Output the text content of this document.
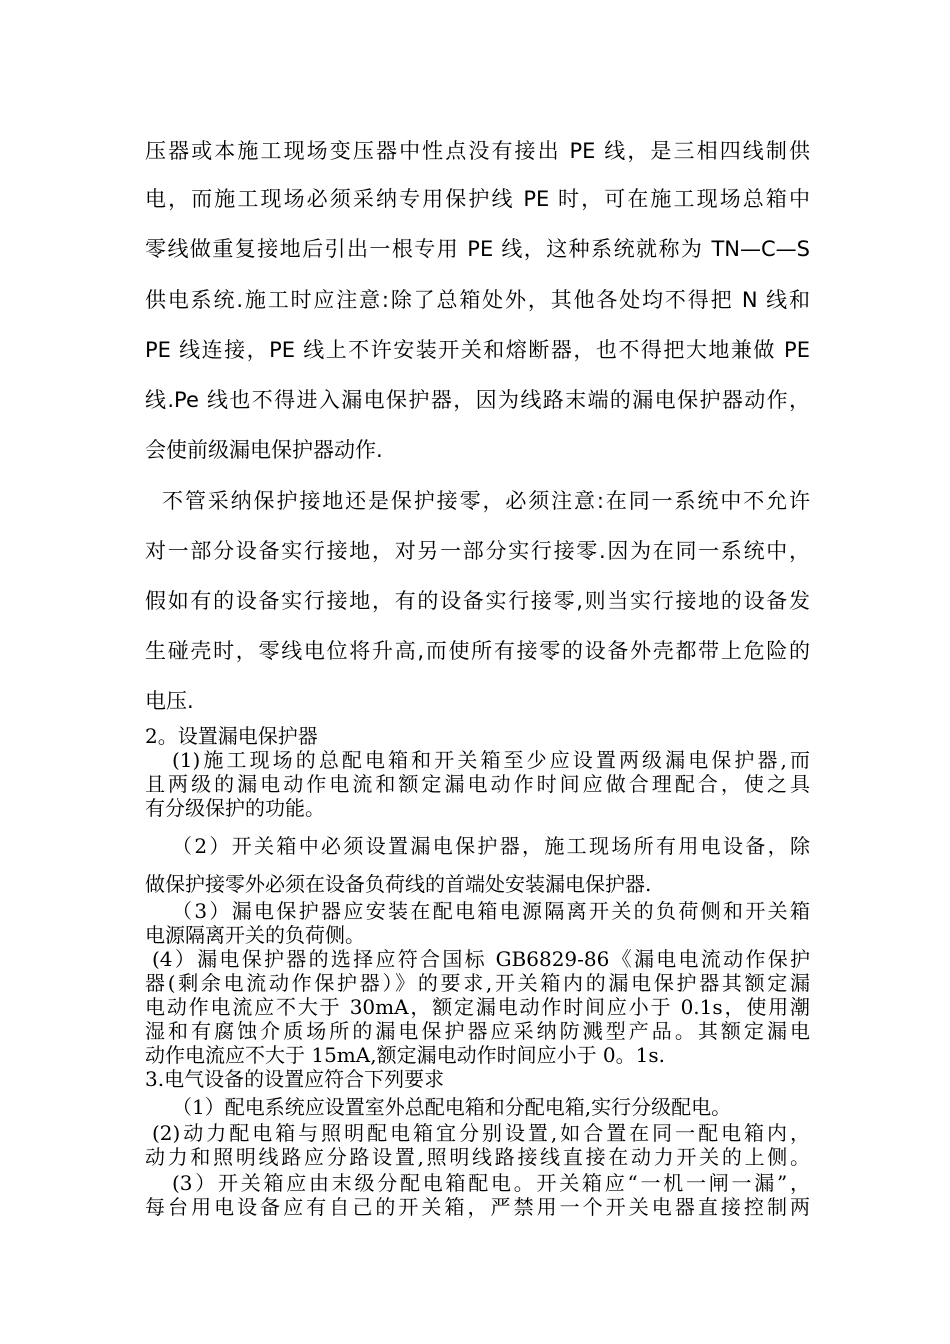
压器或本施工现场变压器中性点没有接出 PE 线，是三相四线制供
电，而施工现场必须采纳专用保护线 PE 时，可在施工现场总箱中
零线做重复接地后引出一根专用 PE 线，这种系统就称为 TN—C—S
供电系统.施工时应注意:除了总箱处外，其他各处均不得把 N 线和
PE 线连接，PE 线上不许安装开关和熔断器，也不得把大地兼做 PE
线.Pe 线也不得进入漏电保护器，因为线路末端的漏电保护器动作，
会使前级漏电保护器动作.
不管采纳保护接地还是保护接零，必须注意:在同一系统中不允许
对一部分设备实行接地，对另一部分实行接零.因为在同一系统中，
假如有的设备实行接地，有的设备实行接零,则当实行接地的设备发
生碰壳时，零线电位将升高,而使所有接零的设备外壳都带上危险的
电压.
2。设置漏电保护器
(1)施工现场的总配电箱和开关箱至少应设置两级漏电保护器,而
且两级的漏电动作电流和额定漏电动作时间应做合理配合，使之具
有分级保护的功能。
（2）开关箱中必须设置漏电保护器，施工现场所有用电设备，除
做保护接零外必须在设备负荷线的首端处安装漏电保护器.
（3）漏电保护器应安装在配电箱电源隔离开关的负荷侧和开关箱
电源隔离开关的负荷侧。
(4）漏电保护器的选择应符合国标 GB6829-86《漏电电流动作保护
器(剩余电流动作保护器）》的要求,开关箱内的漏电保护器其额定漏
电动作电流应不大于 30mA，额定漏电动作时间应小于 0.1s，使用潮
湿和有腐蚀介质场所的漏电保护器应采纳防溅型产品。其额定漏电
动作电流应不大于 15mA,额定漏电动作时间应小于 0。1s.
3.电气设备的设置应符合下列要求
（1）配电系统应设置室外总配电箱和分配电箱,实行分级配电。
(2)动力配电箱与照明配电箱宜分别设置,如合置在同一配电箱内，
动力和照明线路应分路设置,照明线路接线直接在动力开关的上侧。
(3）开关箱应由末级分配电箱配电。开关箱应“一机一闸一漏”，
每台用电设备应有自己的开关箱，严禁用一个开关电器直接控制两
